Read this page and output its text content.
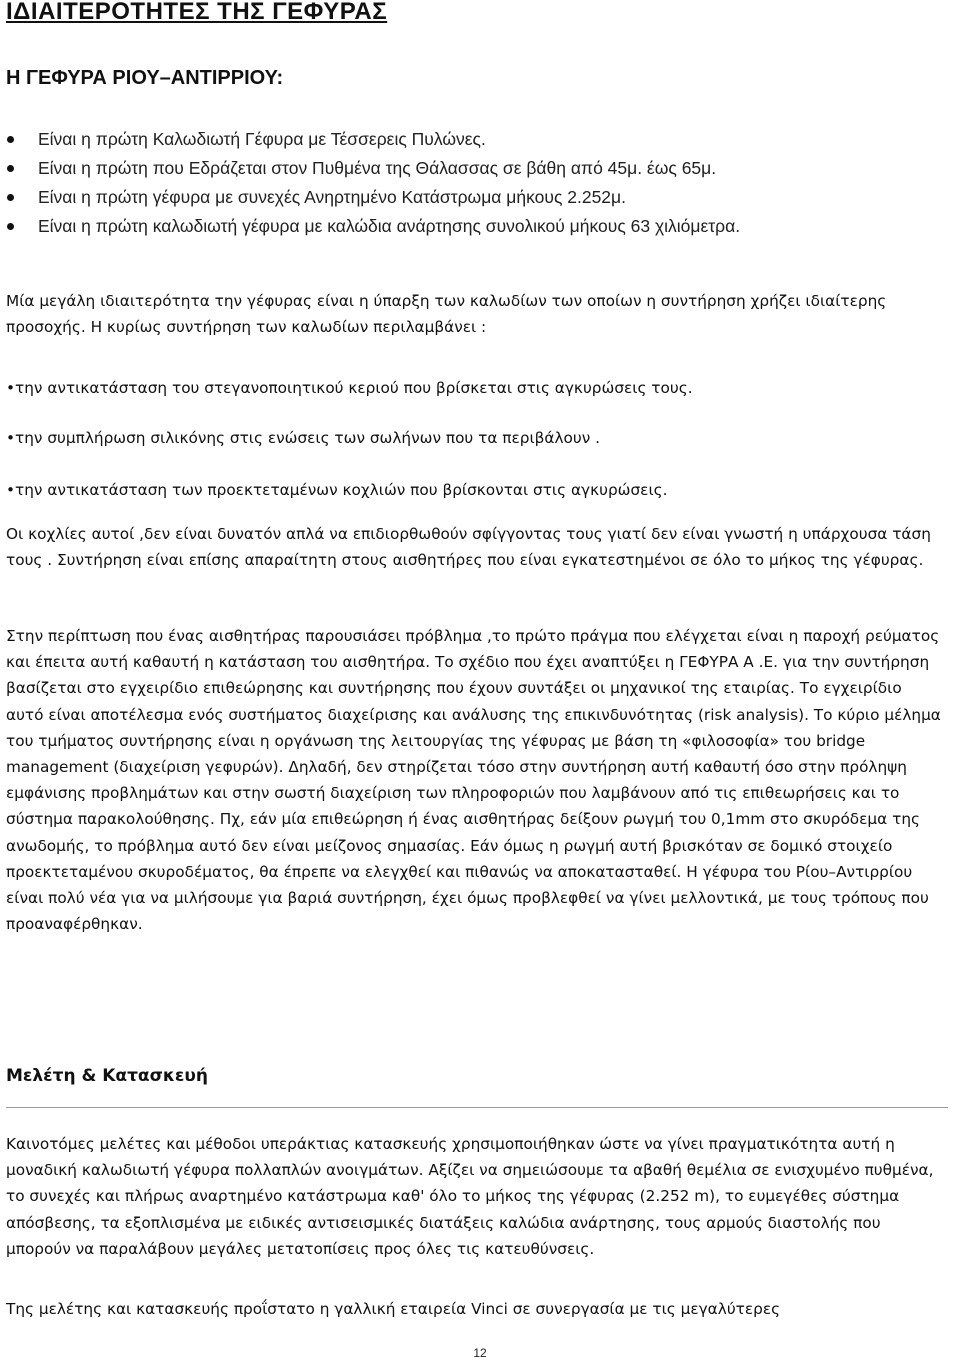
ΙΔΙΑΙΤΕΡΟΤΗΤΕΣ ΤΗΣ ΓΕΦΥΡΑΣ
Η ΓΕΦΥΡΑ ΡΙΟΥ–ΑΝΤΙΡΡΙΟΥ:
Είναι η πρώτη Καλωδιωτή Γέφυρα με Τέσσερεις Πυλώνες.
Είναι η πρώτη που Εδράζεται στον Πυθμένα της Θάλασσας σε βάθη από 45μ. έως 65μ.
Είναι η πρώτη γέφυρα με συνεχές Ανηρτημένο Κατάστρωμα μήκους 2.252μ.
Είναι η πρώτη καλωδιωτή γέφυρα με καλώδια ανάρτησης συνολικού μήκους 63 χιλιόμετρα.

Μία μεγάλη ιδιαιτερότητα την γέφυρας είναι η ύπαρξη των καλωδίων των οποίων η συντήρηση χρήζει ιδιαίτερης προσοχής. Η κυρίως συντήρηση των καλωδίων περιλαμβάνει :

•την αντικατάσταση του στεγανοποιητικού κεριού που βρίσκεται στις αγκυρώσεις τους.

•την συμπλήρωση σιλικόνης στις ενώσεις των σωλήνων που τα περιβάλουν .

•την αντικατάσταση των προεκτεταμένων κοχλιών που βρίσκονται στις αγκυρώσεις.

Οι κοχλίες αυτοί ,δεν είναι δυνατόν απλά να επιδιορθωθούν σφίγγοντας τους γιατί δεν είναι γνωστή η υπάρχουσα τάση τους . Συντήρηση είναι επίσης απαραίτητη στους αισθητήρες που είναι εγκατεστημένοι σε όλο το μήκος της γέφυρας.

Στην περίπτωση που ένας αισθητήρας παρουσιάσει πρόβλημα ,το πρώτο πράγμα που ελέγχεται είναι η παροχή ρεύματος και έπειτα αυτή καθαυτή η κατάσταση του αισθητήρα. Το σχέδιο που έχει αναπτύξει η ΓΕΦΥΡΑ Α .Ε. για την συντήρηση βασίζεται στο εγχειρίδιο επιθεώρησης και συντήρησης που έχουν συντάξει οι μηχανικοί της εταιρίας. Το εγχειρίδιο αυτό είναι αποτέλεσμα ενός συστήματος διαχείρισης και ανάλυσης της επικινδυνότητας (risk analysis). Το κύριο μέλημα του τμήματος συντήρησης είναι η οργάνωση της λειτουργίας της γέφυρας με βάση τη «φιλοσοφία» του bridge management (διαχείριση γεφυρών). Δηλαδή, δεν στηρίζεται τόσο στην συντήρηση αυτή καθαυτή όσο στην πρόληψη εμφάνισης προβλημάτων και στην σωστή διαχείριση των πληροφοριών που λαμβάνουν από τις επιθεωρήσεις και το σύστημα παρακολούθησης. Πχ, εάν μία επιθεώρηση ή ένας αισθητήρας δείξουν ρωγμή του 0,1mm στο σκυρόδεμα της ανωδομής, το πρόβλημα αυτό δεν είναι μείζονος σημασίας. Εάν όμως η ρωγμή αυτή βρισκόταν σε δομικό στοιχείο προεκτεταμένου σκυροδέματος, θα έπρεπε να ελεγχθεί και πιθανώς να αποκατασταθεί. Η γέφυρα του Ρίου–Αντιρρίου είναι πολύ νέα για να μιλήσουμε για βαριά συντήρηση, έχει όμως προβλεφθεί να γίνει μελλοντικά, με τους τρόπους που προαναφέρθηκαν.

Μελέτη & Κατασκευή

Καινοτόμες μελέτες και μέθοδοι υπεράκτιας κατασκευής χρησιμοποιήθηκαν ώστε να γίνει πραγματικότητα αυτή η μοναδική καλωδιωτή γέφυρα πολλαπλών ανοιγμάτων. Αξίζει να σημειώσουμε τα αβαθή θεμέλια σε ενισχυμένο πυθμένα, το συνεχές και πλήρως αναρτημένο κατάστρωμα καθ' όλο το μήκος της γέφυρας (2.252 m), το ευμεγέθες σύστημα απόσβεσης, τα εξοπλισμένα με ειδικές αντισεισμικές διατάξεις καλώδια ανάρτησης, τους αρμούς διαστολής που μπορούν να παραλάβουν μεγάλες μετατοπίσεις προς όλες τις κατευθύνσεις.

Της μελέτης και κατασκευής προΐστατο η γαλλική εταιρεία Vinci σε συνεργασία με τις μεγαλύτερες

12
